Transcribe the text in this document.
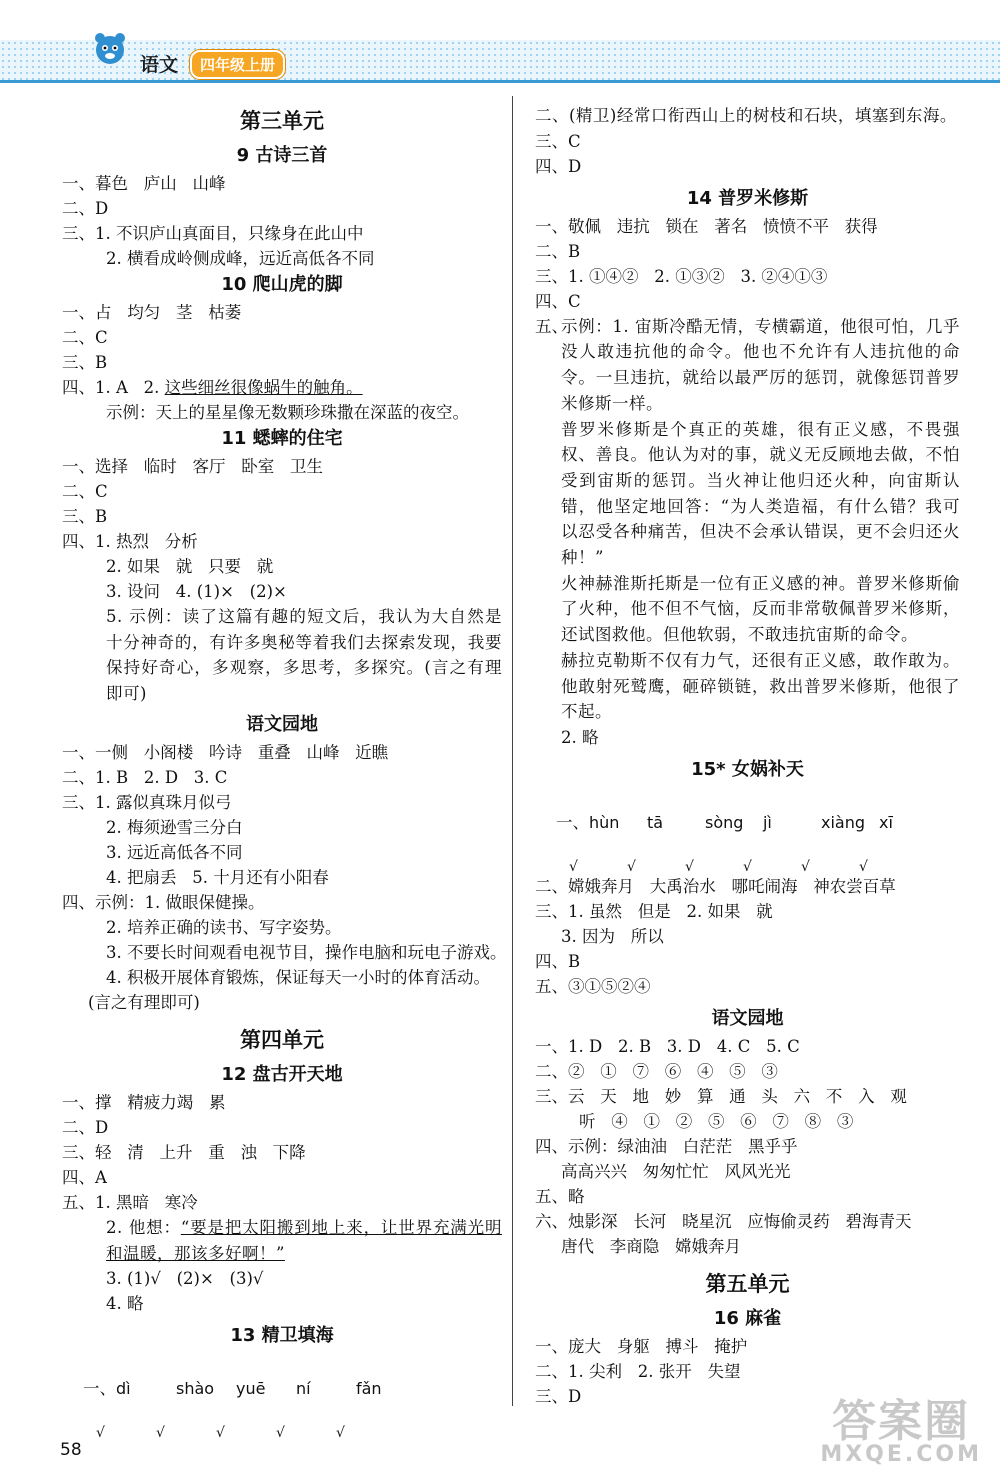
语文	四年级上册
第三单元
9 古诗三首
一、暮色   庐山   山峰
二、D
三、1. 不识庐山真面目，只缘身在此山中
2. 横看成岭侧成峰，远近高低各不同
10 爬山虎的脚
一、占   均匀   茎   枯萎
二、C
三、B
四、1. A   2. 这些细丝很像蜗牛的触角。
示例：天上的星星像无数颗珍珠撒在深蓝的夜空。
11 蟋蟀的住宅
一、选择   临时   客厅   卧室   卫生
二、C
三、B
四、1. 热烈   分析
2. 如果   就   只要   就
3. 设问   4. (1)×   (2)×
5. 示例：读了这篇有趣的短文后，我认为大自然是十分神奇的，有许多奥秘等着我们去探索发现，我要保持好奇心，多观察，多思考，多探究。(言之有理即可)
语文园地
一、一侧   小阁楼   吟诗   重叠   山峰   近瞧
二、1. B   2. D   3. C
三、1. 露似真珠月似弓
2. 梅须逊雪三分白
3. 远近高低各不同
4. 把扇丢   5. 十月还有小阳春
四、示例：1. 做眼保健操。
2. 培养正确的读书、写字姿势。
3. 不要长时间观看电视节目，操作电脑和玩电子游戏。
4. 积极开展体育锻炼，保证每天一小时的体育活动。
(言之有理即可)
第四单元
12 盘古开天地
一、撑   精疲力竭   累
二、D
三、轻   清   上升   重   浊   下降
四、A
五、1. 黑暗   寒冷
2. 他想：“要是把太阳搬到地上来，让世界充满光明和温暖，那该多好啊！”
3. (1)√   (2)×   (3)√
4. 略
13 精卫填海

一、dì	shào yuē ní	fǎn

√	√	√	√	√
二、(精卫)经常口衔西山上的树枝和石块，填塞到东海。
三、C
四、D
14 普罗米修斯
一、敬佩   违抗   锁在   著名   愤愤不平   获得
二、B
三、1. ①④②   2. ①③②   3. ②④①③
四、C
五、
示例：1. 宙斯冷酷无情，专横霸道，他很可怕，几乎没人敢违抗他的命令。他也不允许有人违抗他的命令。一旦违抗，就给以最严厉的惩罚，就像惩罚普罗米修斯一样。
普罗米修斯是个真正的英雄，很有正义感，不畏强权、善良。他认为对的事，就义无反顾地去做，不怕受到宙斯的惩罚。当火神让他归还火种，向宙斯认错，他坚定地回答：“为人类造福，有什么错？我可以忍受各种痛苦，但决不会承认错误，更不会归还火种！”
火神赫淮斯托斯是一位有正义感的神。普罗米修斯偷了火种，他不但不气恼，反而非常敬佩普罗米修斯，还试图救他。但他软弱，不敢违抗宙斯的命令。
赫拉克勒斯不仅有力气，还很有正义感，敢作敢为。他敢射死鹫鹰，砸碎锁链，救出普罗米修斯，他很了不起。
2. 略
15* 女娲补天

一、hùn tā	sòng jì	xiàng xī

√	√	√	√	√	√
二、嫦娥奔月   大禹治水   哪吒闹海   神农尝百草
三、1. 虽然   但是   2. 如果   就
3. 因为   所以
四、B
五、③①⑤②④
语文园地
一、1. D   2. B   3. D   4. C   5. C
二、②   ①   ⑦   ⑥   ④   ⑤   ③
三、云   天   地   妙   算   通   头   六   不   入   观
听   ④   ①   ②   ⑤   ⑥   ⑦   ⑧   ③
四、示例：绿油油   白茫茫   黑乎乎
高高兴兴   匆匆忙忙   风风光光
五、略
六、烛影深   长河   晓星沉   应悔偷灵药   碧海青天
唐代   李商隐   嫦娥奔月
第五单元
16 麻雀
一、庞大   身躯   搏斗   掩护
二、1. 尖利   2. 张开   失望
三、D
58
答案圈
MXQE.COM
